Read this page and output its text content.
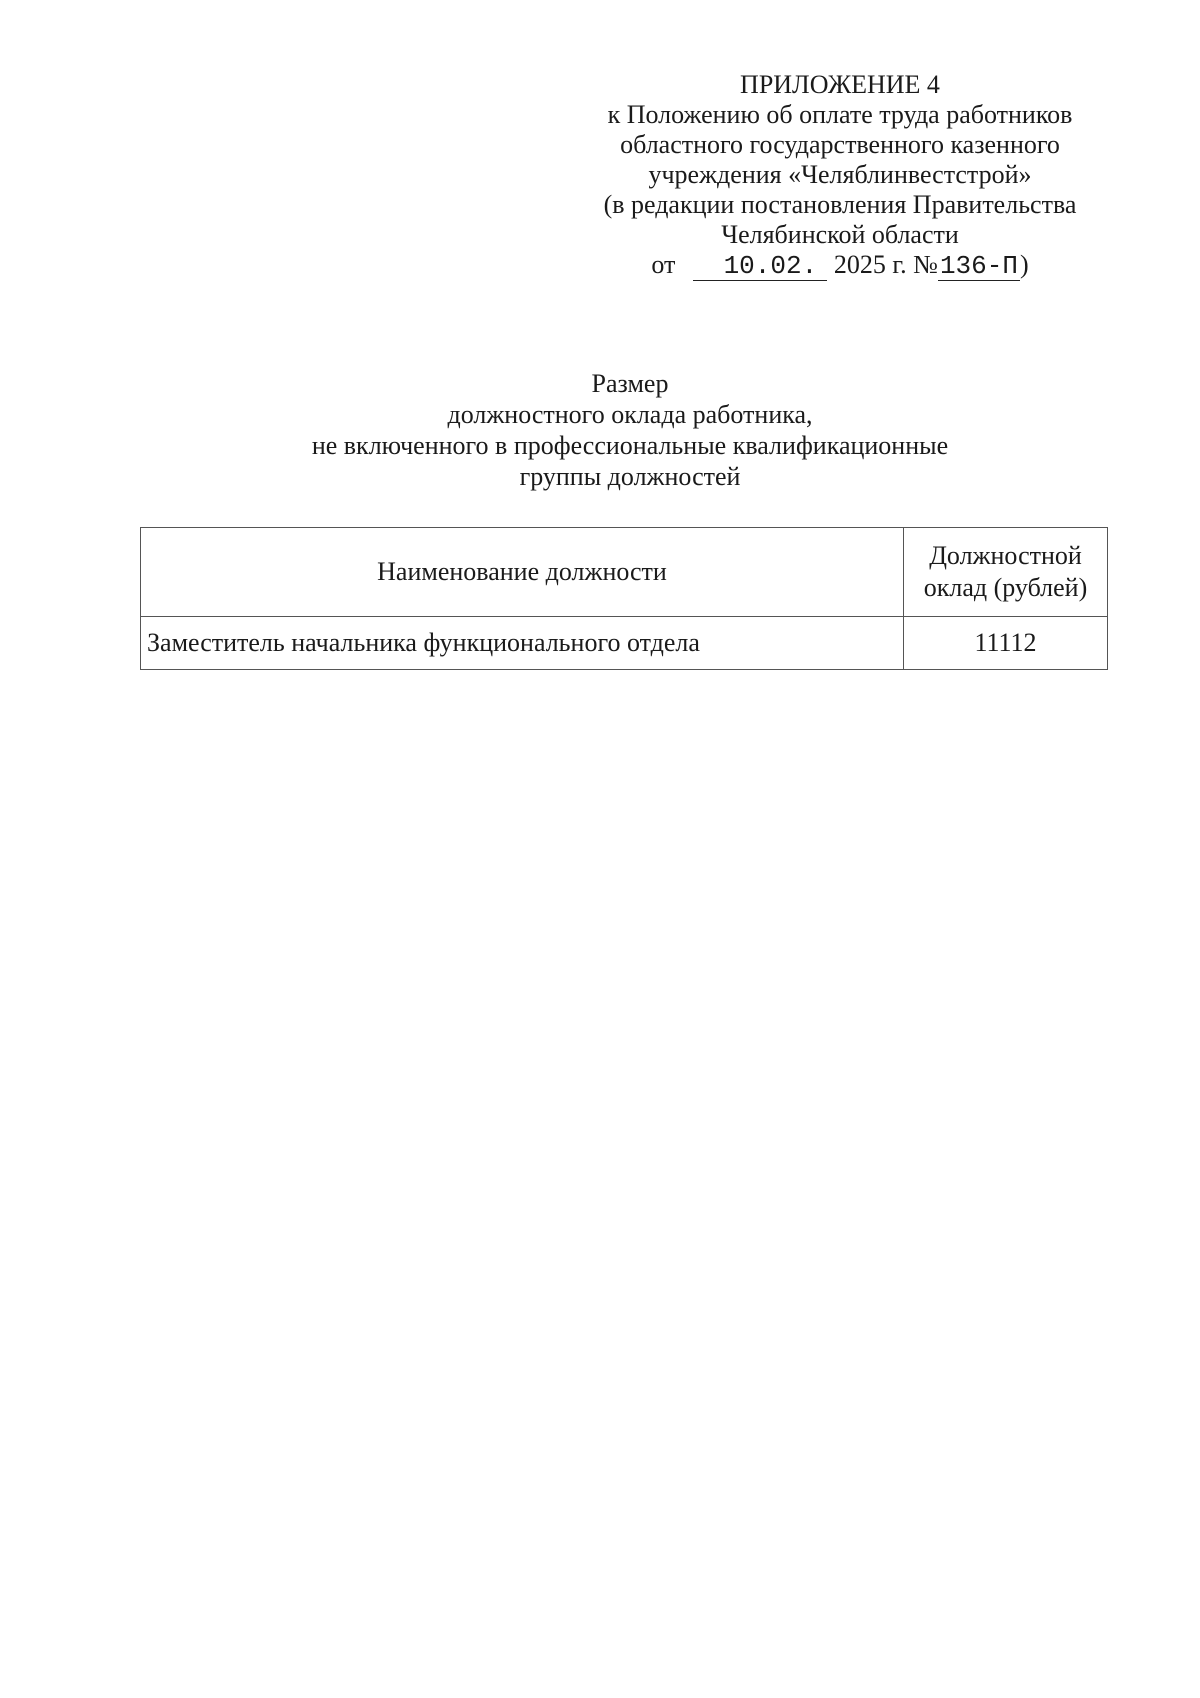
ПРИЛОЖЕНИЕ 4
к Положению об оплате труда работников
областного государственного казенного
учреждения «Челяблинвестстрой»
(в редакции постановления Правительства
Челябинской области
от 10.02. 2025 г. №136-П)
Размер
должностного оклада работника,
не включенного в профессиональные квалификационные
группы должностей
Наименование должности	Должностной
оклад (рублей)
Заместитель начальника функционального отдела	11112
